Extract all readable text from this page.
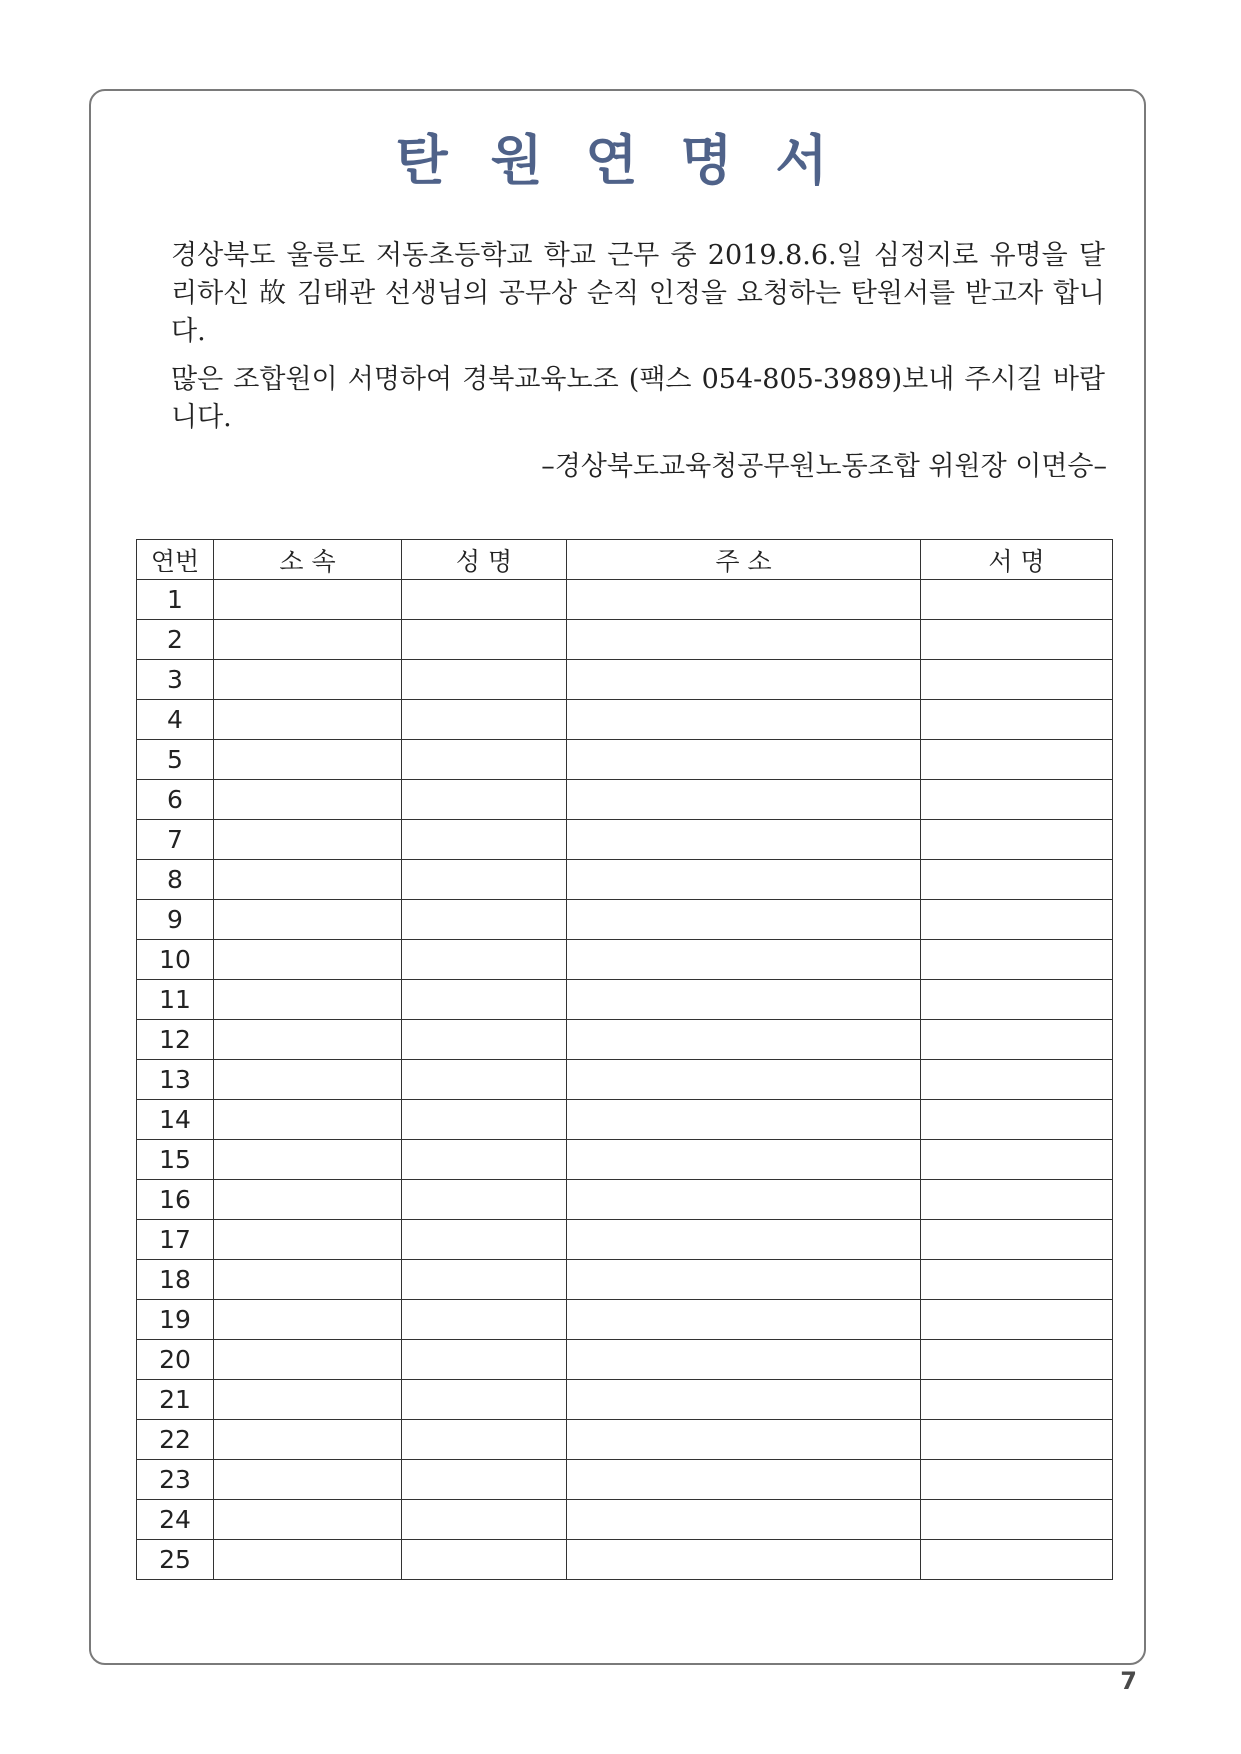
탄 원 연 명 서

경상북도 울릉도 저동초등학교 학교 근무 중 2019.8.6.일 심정지로 유명을 달리하신 故 김태관 선생님의 공무상 순직 인정을 요청하는 탄원서를 받고자 합니다.

많은 조합원이 서명하여 경북교육노조 (팩스 054-805-3989)보내 주시길 바랍니다.

–경상북도교육청공무원노동조합 위원장 이면승–

연번	소 속	성 명	주 소	서 명
1				
2				
3				
4				
5				
6				
7				
8				
9				
10				
11				
12				
13				
14				
15				
16				
17				
18				
19				
20				
21				
22				
23				
24				
25				

7
